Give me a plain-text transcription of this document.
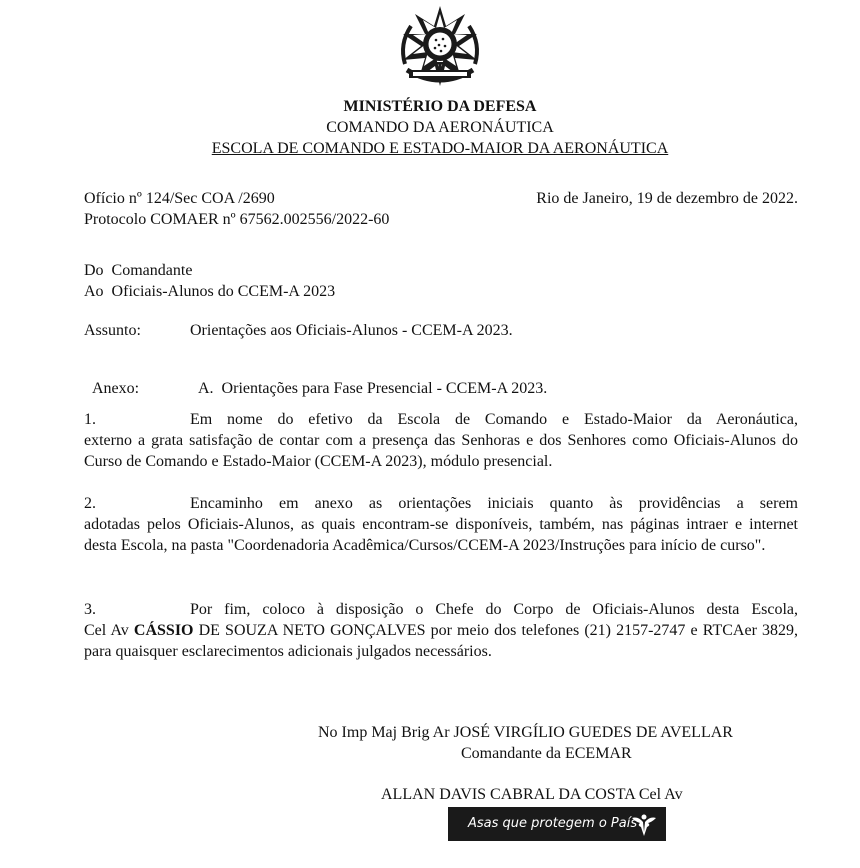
MINISTÉRIO DA DEFESA
COMANDO DA AERONÁUTICA
ESCOLA DE COMANDO E ESTADO-MAIOR DA AERONÁUTICA
Ofício nº 124/Sec COA /2690
Protocolo COMAER nº 67562.002556/2022-60
Rio de Janeiro, 19 de dezembro de 2022.
Do  Comandante
Ao  Oficiais-Alunos do CCEM-A 2023
Assunto:	Orientações aos Oficiais-Alunos - CCEM-A 2023.

Anexo:	A.  Orientações para Fase Presencial - CCEM-A 2023.

1.	Em nome do efetivo da Escola de Comando e Estado-Maior da Aeronáutica,
externo a grata satisfação de contar com a presença das Senhoras e dos Senhores como Oficiais-Alunos do Curso de Comando e Estado-Maior (CCEM-A 2023), módulo presencial.
2.	Encaminho em anexo as orientações iniciais quanto às providências a serem
adotadas pelos Oficiais-Alunos, as quais encontram-se disponíveis, também, nas páginas intraer e internet desta Escola, na pasta "Coordenadoria Acadêmica/Cursos/CCEM-A 2023/Instruções para início de curso".
3.	Por fim, coloco à disposição o Chefe do Corpo de Oficiais-Alunos desta Escola,
Cel Av CÁSSIO DE SOUZA NETO GONÇALVES por meio dos telefones (21) 2157-2747 e RTCAer 3829, para quaisquer esclarecimentos adicionais julgados necessários.
No Imp Maj Brig Ar JOSÉ VIRGÍLIO GUEDES DE AVELLAR
Comandante da ECEMAR
ALLAN DAVIS CABRAL DA COSTA Cel Av
Asas que protegem o País
